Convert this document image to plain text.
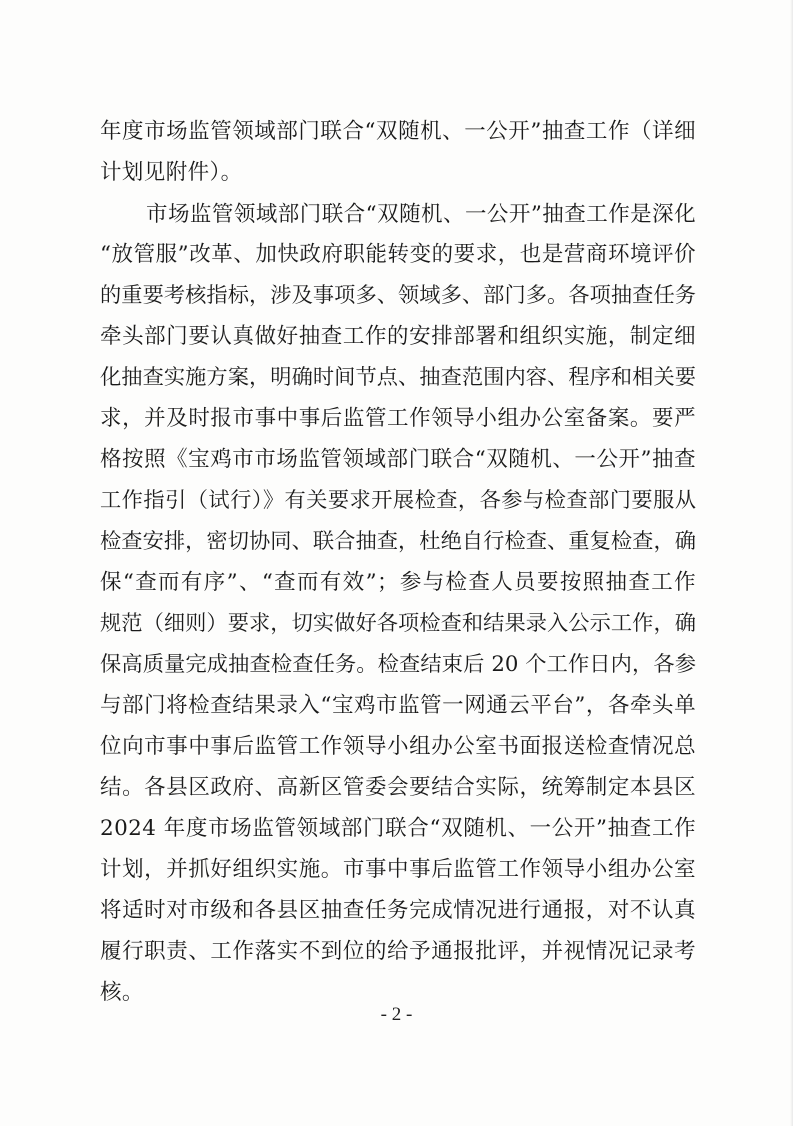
年度市场监管领域部门联合“双随机、一公开”抽查工作（详细
计划见附件）。
市场监管领域部门联合“双随机、一公开”抽查工作是深化
“放管服”改革、加快政府职能转变的要求，也是营商环境评价
的重要考核指标，涉及事项多、领域多、部门多。各项抽查任务
牵头部门要认真做好抽查工作的安排部署和组织实施，制定细
化抽查实施方案，明确时间节点、抽查范围内容、程序和相关要
求，并及时报市事中事后监管工作领导小组办公室备案。要严
格按照《宝鸡市市场监管领域部门联合“双随机、一公开”抽查
工作指引（试行）》有关要求开展检查，各参与检查部门要服从
检查安排，密切协同、联合抽查，杜绝自行检查、重复检查，确
保“查而有序”、“查而有效”；参与检查人员要按照抽查工作
规范（细则）要求，切实做好各项检查和结果录入公示工作，确
保高质量完成抽查检查任务。检查结束后 20 个工作日内，各参
与部门将检查结果录入“宝鸡市监管一网通云平台”，各牵头单
位向市事中事后监管工作领导小组办公室书面报送检查情况总
结。各县区政府、高新区管委会要结合实际，统筹制定本县区
2024 年度市场监管领域部门联合“双随机、一公开”抽查工作
计划，并抓好组织实施。市事中事后监管工作领导小组办公室
将适时对市级和各县区抽查任务完成情况进行通报，对不认真
履行职责、工作落实不到位的给予通报批评，并视情况记录考
核。
- 2 -
